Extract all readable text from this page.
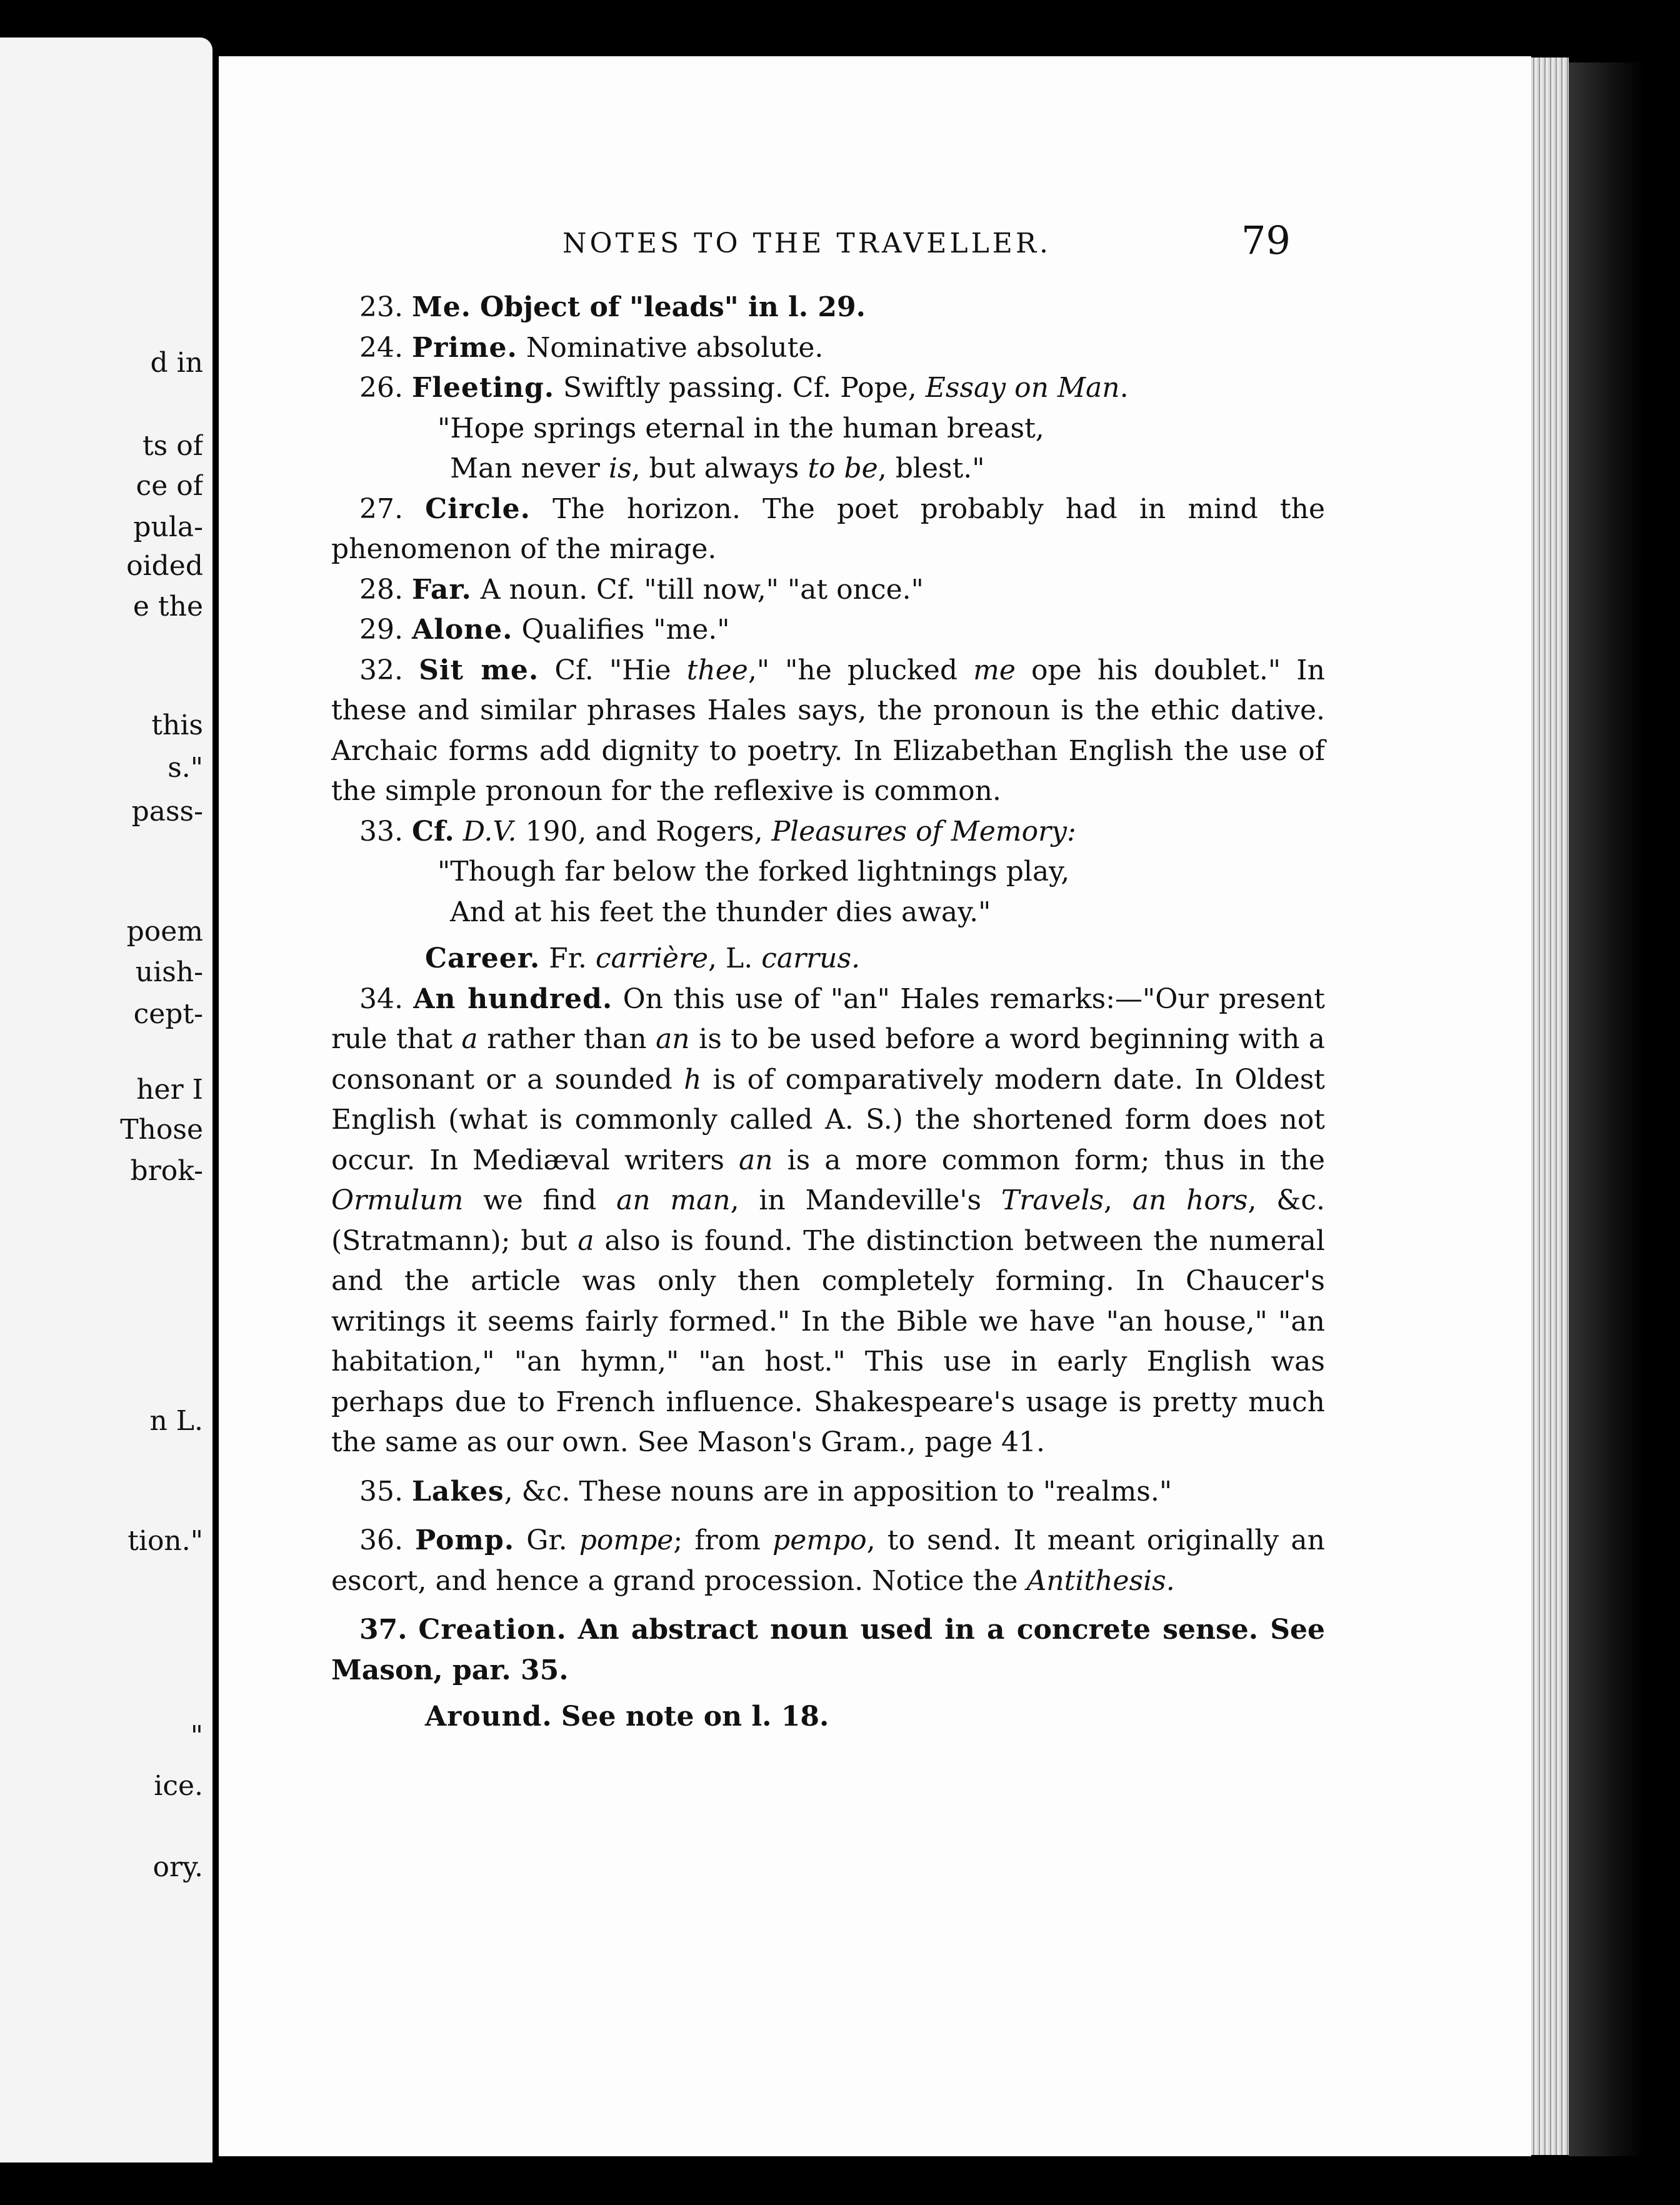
d in
ts of
ce of
pula-
oided
e the
this
s."
pass-
poem
uish-
cept-
her I
Those
brok-
n L.
tion."
"
ice.
ory.
NOTES TO THE TRAVELLER.	79

23. Me. Object of "leads" in l. 29.

24. Prime. Nominative absolute.

26. Fleeting. Swiftly passing. Cf. Pope, Essay on Man.

"Hope springs eternal in the human breast,

Man never is, but always to be, blest."

27. Circle. The horizon. The poet probably had in mind the phenomenon of the mirage.

28. Far. A noun. Cf. "till now," "at once."

29. Alone. Qualifies "me."

32. Sit me. Cf. "Hie thee," "he plucked me ope his doublet." In these and similar phrases Hales says, the pronoun is the ethic dative. Archaic forms add dignity to poetry. In Elizabethan English the use of the simple pronoun for the reflexive is common.

33. Cf. D.V. 190, and Rogers, Pleasures of Memory:

"Though far below the forked lightnings play,

And at his feet the thunder dies away."

Career. Fr. carrière, L. carrus.

34. An hundred. On this use of "an" Hales remarks:—"Our present rule that a rather than an is to be used before a word beginning with a consonant or a sounded h is of comparatively modern date. In Oldest English (what is commonly called A. S.) the shortened form does not occur. In Mediæval writers an is a more common form; thus in the Ormulum we find an man, in Mandeville's Travels, an hors, &c. (Stratmann); but a also is found. The distinction between the numeral and the article was only then completely forming. In Chaucer's writings it seems fairly formed." In the Bible we have "an house," "an habitation," "an hymn," "an host." This use in early English was perhaps due to French influence. Shakespeare's usage is pretty much the same as our own. See Mason's Gram., page 41.

35. Lakes, &c. These nouns are in apposition to "realms."

36. Pomp. Gr. pompe; from pempo, to send. It meant originally an escort, and hence a grand procession. Notice the Antithesis.

37. Creation. An abstract noun used in a concrete sense. See Mason, par. 35.

Around. See note on l. 18.
